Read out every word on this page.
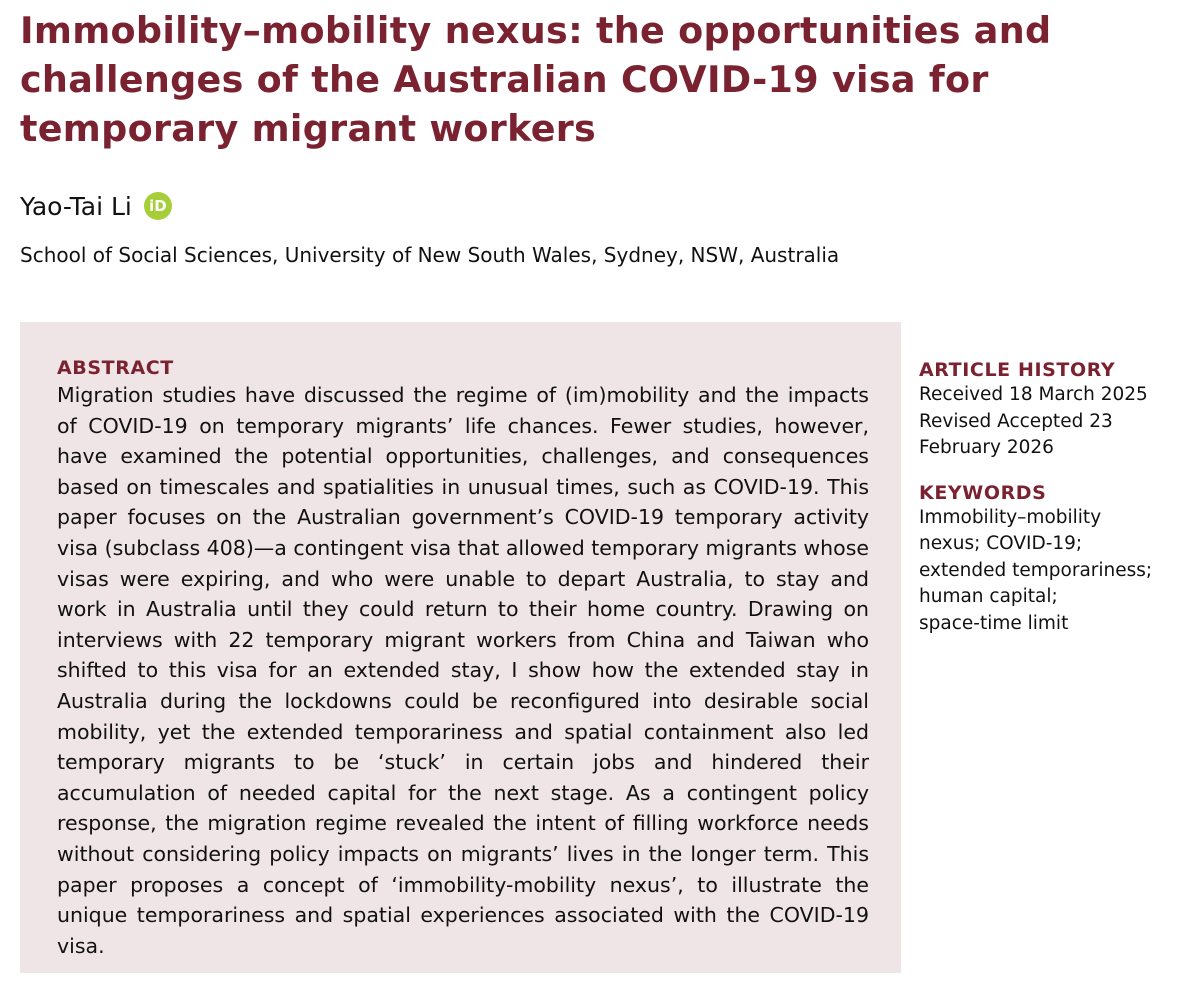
Immobility–mobility nexus: the opportunities and challenges of the Australian COVID-19 visa for temporary migrant workers
Yao-Tai Li	iD
School of Social Sciences, University of New South Wales, Sydney, NSW, Australia
ABSTRACT

Migration studies have discussed the regime of (im)mobility and the impacts of COVID-19 on temporary migrants’ life chances. Fewer studies, however, have examined the potential opportunities, challenges, and consequences based on timescales and spatialities in unusual times, such as COVID-19. This paper focuses on the Australian government’s COVID-19 temporary activity visa (subclass 408)—a contingent visa that allowed temporary migrants whose visas were expiring, and who were unable to depart Australia, to stay and work in Australia until they could return to their home country. Drawing on interviews with 22 temporary migrant workers from China and Taiwan who shifted to this visa for an extended stay, I show how the extended stay in Australia during the lockdowns could be reconfigured into desirable social mobility, yet the extended temporariness and spatial containment also led temporary migrants to be ‘stuck’ in certain jobs and hindered their accumulation of needed capital for the next stage. As a contingent policy response, the migration regime revealed the intent of filling workforce needs without considering policy impacts on migrants’ lives in the longer term. This paper proposes a concept of ‘immobility-mobility nexus’, to illustrate the unique temporariness and spatial experiences associated with the COVID-19 visa.

ARTICLE HISTORY
Received 18 March 2025
Revised Accepted 23
February 2026
KEYWORDS
Immobility–mobility
nexus; COVID-19;
extended temporariness;
human capital;
space-time limit
